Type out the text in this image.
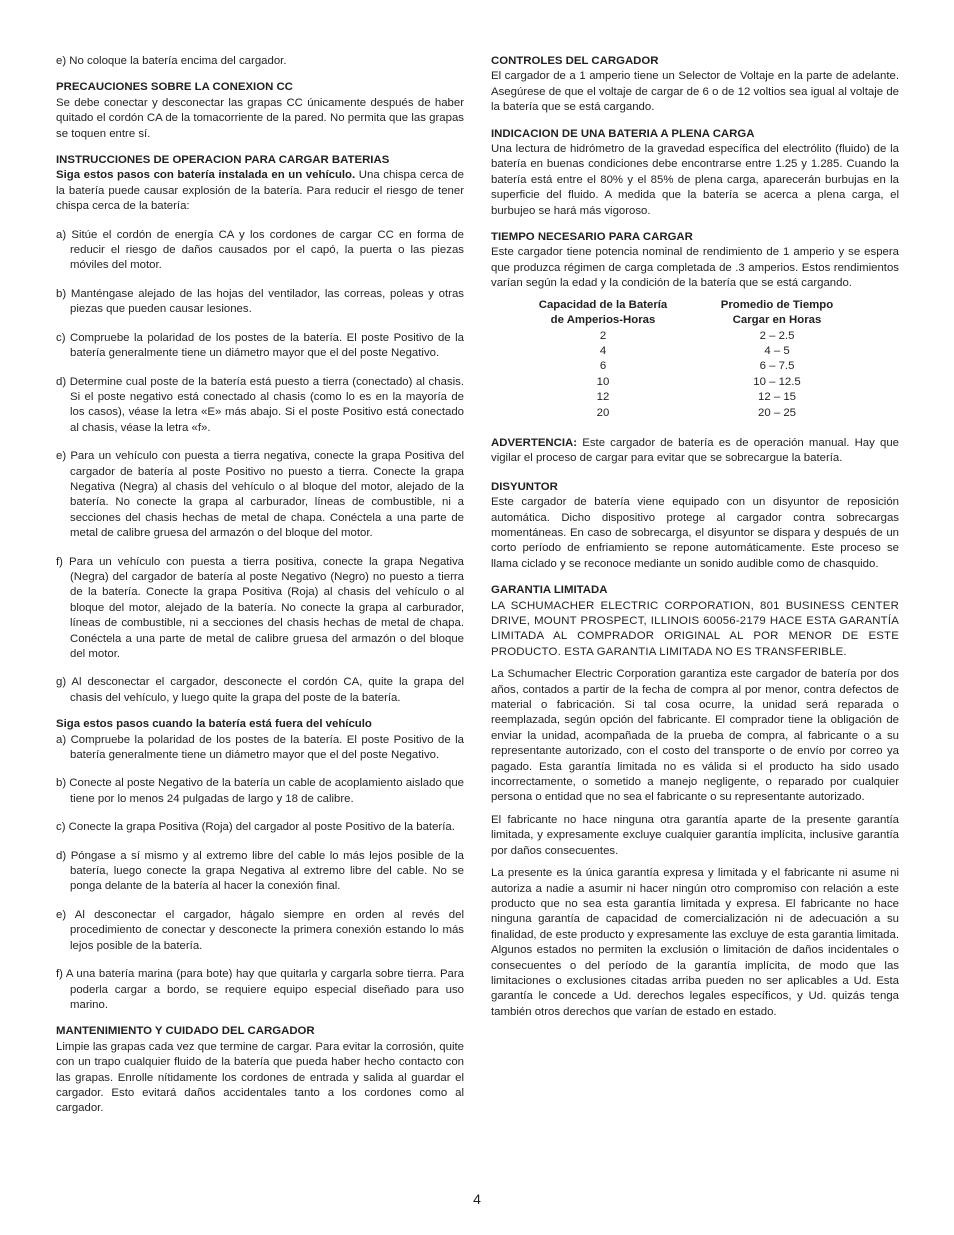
e) No coloque la batería encima del cargador.

PRECAUCIONES SOBRE LA CONEXION CC

Se debe conectar y desconectar las grapas CC únicamente después de haber quitado el cordón CA de la tomacorriente de la pared. No permita que las grapas se toquen entre sí.

INSTRUCCIONES DE OPERACION PARA CARGAR BATERIAS

Siga estos pasos con batería instalada en un vehículo. Una chispa cerca de la batería puede causar explosión de la batería. Para reducir el riesgo de tener chispa cerca de la batería:

a) Sitúe el cordón de energía CA y los cordones de cargar CC en forma de reducir el riesgo de daños causados por el capó, la puerta o las piezas móviles del motor.

b) Manténgase alejado de las hojas del ventilador, las correas, poleas y otras piezas que pueden causar lesiones.

c) Compruebe la polaridad de los postes de la batería. El poste Positivo de la batería generalmente tiene un diámetro mayor que el del poste Negativo.

d) Determine cual poste de la batería está puesto a tierra (conectado) al chasis. Si el poste negativo está conectado al chasis (como lo es en la mayoría de los casos), véase la letra «E» más abajo. Si el poste Positivo está conectado al chasis, véase la letra «f».

e) Para un vehículo con puesta a tierra negativa, conecte la grapa Positiva del cargador de batería al poste Positivo no puesto a tierra. Conecte la grapa Negativa (Negra) al chasis del vehículo o al bloque del motor, alejado de la batería. No conecte la grapa al carburador, líneas de combustible, ni a secciones del chasis hechas de metal de chapa. Conéctela a una parte de metal de calibre gruesa del armazón o del bloque del motor.

f) Para un vehículo con puesta a tierra positiva, conecte la grapa Negativa (Negra) del cargador de batería al poste Negativo (Negro) no puesto a tierra de la batería. Conecte la grapa Positiva (Roja) al chasis del vehículo o al bloque del motor, alejado de la batería. No conecte la grapa al carburador, líneas de combustible, ni a secciones del chasis hechas de metal de chapa. Conéctela a una parte de metal de calibre gruesa del armazón o del bloque del motor.

g) Al desconectar el cargador, desconecte el cordón CA, quite la grapa del chasis del vehículo, y luego quite la grapa del poste de la batería.

Siga estos pasos cuando la batería está fuera del vehículo

a) Compruebe la polaridad de los postes de la batería. El poste Positivo de la batería generalmente tiene un diámetro mayor que el del poste Negativo.

b) Conecte al poste Negativo de la batería un cable de acoplamiento aislado que tiene por lo menos 24 pulgadas de largo y 18 de calibre.

c) Conecte la grapa Positiva (Roja) del cargador al poste Positivo de la batería.

d) Póngase a sí mismo y al extremo libre del cable lo más lejos posible de la batería, luego conecte la grapa Negativa al extremo libre del cable. No se ponga delante de la batería al hacer la conexión final.

e) Al desconectar el cargador, hágalo siempre en orden al revés del procedimiento de conectar y desconecte la primera conexión estando lo más lejos posible de la batería.

f) A una batería marina (para bote) hay que quitarla y cargarla sobre tierra. Para poderla cargar a bordo, se requiere equipo especial diseñado para uso marino.

MANTENIMIENTO Y CUIDADO DEL CARGADOR

Limpie las grapas cada vez que termine de cargar. Para evitar la corrosión, quite con un trapo cualquier fluido de la batería que pueda haber hecho contacto con las grapas. Enrolle nítidamente los cordones de entrada y salida al guardar el cargador. Esto evitará daños accidentales tanto a los cordones como al cargador.

CONTROLES DEL CARGADOR

El cargador de a 1 amperio tiene un Selector de Voltaje en la parte de adelante. Asegúrese de que el voltaje de cargar de 6 o de 12 voltios sea igual al voltaje de la batería que se está cargando.

INDICACION DE UNA BATERIA A PLENA CARGA

Una lectura de hidrómetro de la gravedad específica del electrólito (fluido) de la batería en buenas condiciones debe encontrarse entre 1.25 y 1.285. Cuando la batería está entre el 80% y el 85% de plena carga, aparecerán burbujas en la superficie del fluido. A medida que la batería se acerca a plena carga, el burbujeo se hará más vigoroso.

TIEMPO NECESARIO PARA CARGAR

Este cargador tiene potencia nominal de rendimiento de 1 amperio y se espera que produzca régimen de carga completada de .3 amperios. Estos rendimientos varían según la edad y la condición de la batería que se está cargando.

Capacidad de la Batería	Promedio de Tiempo
de Amperios-Horas	Cargar en Horas
2	2 – 2.5
4	4 – 5
6	6 – 7.5
10	10 – 12.5
12	12 – 15
20	20 – 25

ADVERTENCIA: Este cargador de batería es de operación manual. Hay que vigilar el proceso de cargar para evitar que se sobrecargue la batería.

DISYUNTOR

Este cargador de batería viene equipado con un disyuntor de reposición automática. Dicho dispositivo protege al cargador contra sobrecargas momentáneas. En caso de sobrecarga, el disyuntor se dispara y después de un corto período de enfriamiento se repone automáticamente. Este proceso se llama ciclado y se reconoce mediante un sonido audible como de chasquido.

GARANTIA LIMITADA

LA SCHUMACHER ELECTRIC CORPORATION, 801 BUSINESS CENTER DRIVE, MOUNT PROSPECT, ILLINOIS 60056-2179 HACE ESTA GARANTÍA LIMITADA AL COMPRADOR ORIGINAL AL POR MENOR DE ESTE PRODUCTO. ESTA GARANTIA LIMITADA NO ES TRANSFERIBLE.

La Schumacher Electric Corporation garantiza este cargador de batería por dos años, contados a partir de la fecha de compra al por menor, contra defectos de material o fabricación. Si tal cosa ocurre, la unidad será reparada o reemplazada, según opción del fabricante. El comprador tiene la obligación de enviar la unidad, acompañada de la prueba de compra, al fabricante o a su representante autorizado, con el costo del transporte o de envío por correo ya pagado. Esta garantía limitada no es válida si el producto ha sido usado incorrectamente, o sometido a manejo negligente, o reparado por cualquier persona o entidad que no sea el fabricante o su representante autorizado.

El fabricante no hace ninguna otra garantía aparte de la presente garantía limitada, y expresamente excluye cualquier garantía implícita, inclusive garantía por daños consecuentes.

La presente es la única garantía expresa y limitada y el fabricante ni asume ni autoriza a nadie a asumir ni hacer ningún otro compromiso con relación a este producto que no sea esta garantía limitada y expresa. El fabricante no hace ninguna garantía de capacidad de comercialización ni de adecuación a su finalidad, de este producto y expresamente las excluye de esta garantia limitada. Algunos estados no permiten la exclusión o limitación de daños incidentales o consecuentes o del período de la garantía implícita, de modo que las limitaciones o exclusiones citadas arriba pueden no ser aplicables a Ud. Esta garantía le concede a Ud. derechos legales específicos, y Ud. quizás tenga también otros derechos que varían de estado en estado.

4
